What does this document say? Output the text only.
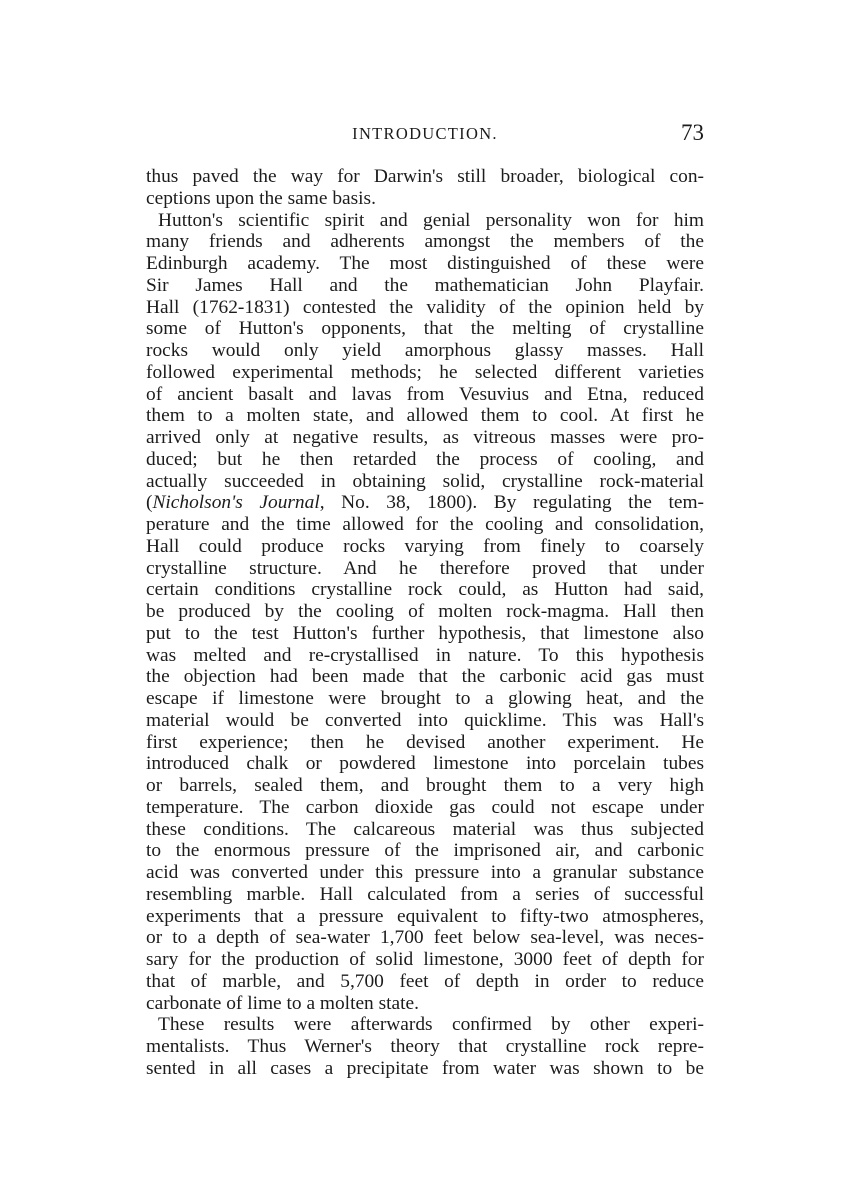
INTRODUCTION.	73
thus paved the way for Darwin's still broader, biological con-
ceptions upon the same basis.
Hutton's scientific spirit and genial personality won for him
many friends and adherents amongst the members of the
Edinburgh academy. The most distinguished of these were
Sir James Hall and the mathematician John Playfair.
Hall (1762-1831) contested the validity of the opinion held by
some of Hutton's opponents, that the melting of crystalline
rocks would only yield amorphous glassy masses. Hall
followed experimental methods; he selected different varieties
of ancient basalt and lavas from Vesuvius and Etna, reduced
them to a molten state, and allowed them to cool. At first he
arrived only at negative results, as vitreous masses were pro-
duced; but he then retarded the process of cooling, and
actually succeeded in obtaining solid, crystalline rock-material
(Nicholson's Journal, No. 38, 1800). By regulating the tem-
perature and the time allowed for the cooling and consolidation,
Hall could produce rocks varying from finely to coarsely
crystalline structure. And he therefore proved that under
certain conditions crystalline rock could, as Hutton had said,
be produced by the cooling of molten rock-magma. Hall then
put to the test Hutton's further hypothesis, that limestone also
was melted and re-crystallised in nature. To this hypothesis
the objection had been made that the carbonic acid gas must
escape if limestone were brought to a glowing heat, and the
material would be converted into quicklime. This was Hall's
first experience; then he devised another experiment. He
introduced chalk or powdered limestone into porcelain tubes
or barrels, sealed them, and brought them to a very high
temperature. The carbon dioxide gas could not escape under
these conditions. The calcareous material was thus subjected
to the enormous pressure of the imprisoned air, and carbonic
acid was converted under this pressure into a granular substance
resembling marble. Hall calculated from a series of successful
experiments that a pressure equivalent to fifty-two atmospheres,
or to a depth of sea-water 1,700 feet below sea-level, was neces-
sary for the production of solid limestone, 3000 feet of depth for
that of marble, and 5,700 feet of depth in order to reduce
carbonate of lime to a molten state.
These results were afterwards confirmed by other experi-
mentalists. Thus Werner's theory that crystalline rock repre-
sented in all cases a precipitate from water was shown to be
